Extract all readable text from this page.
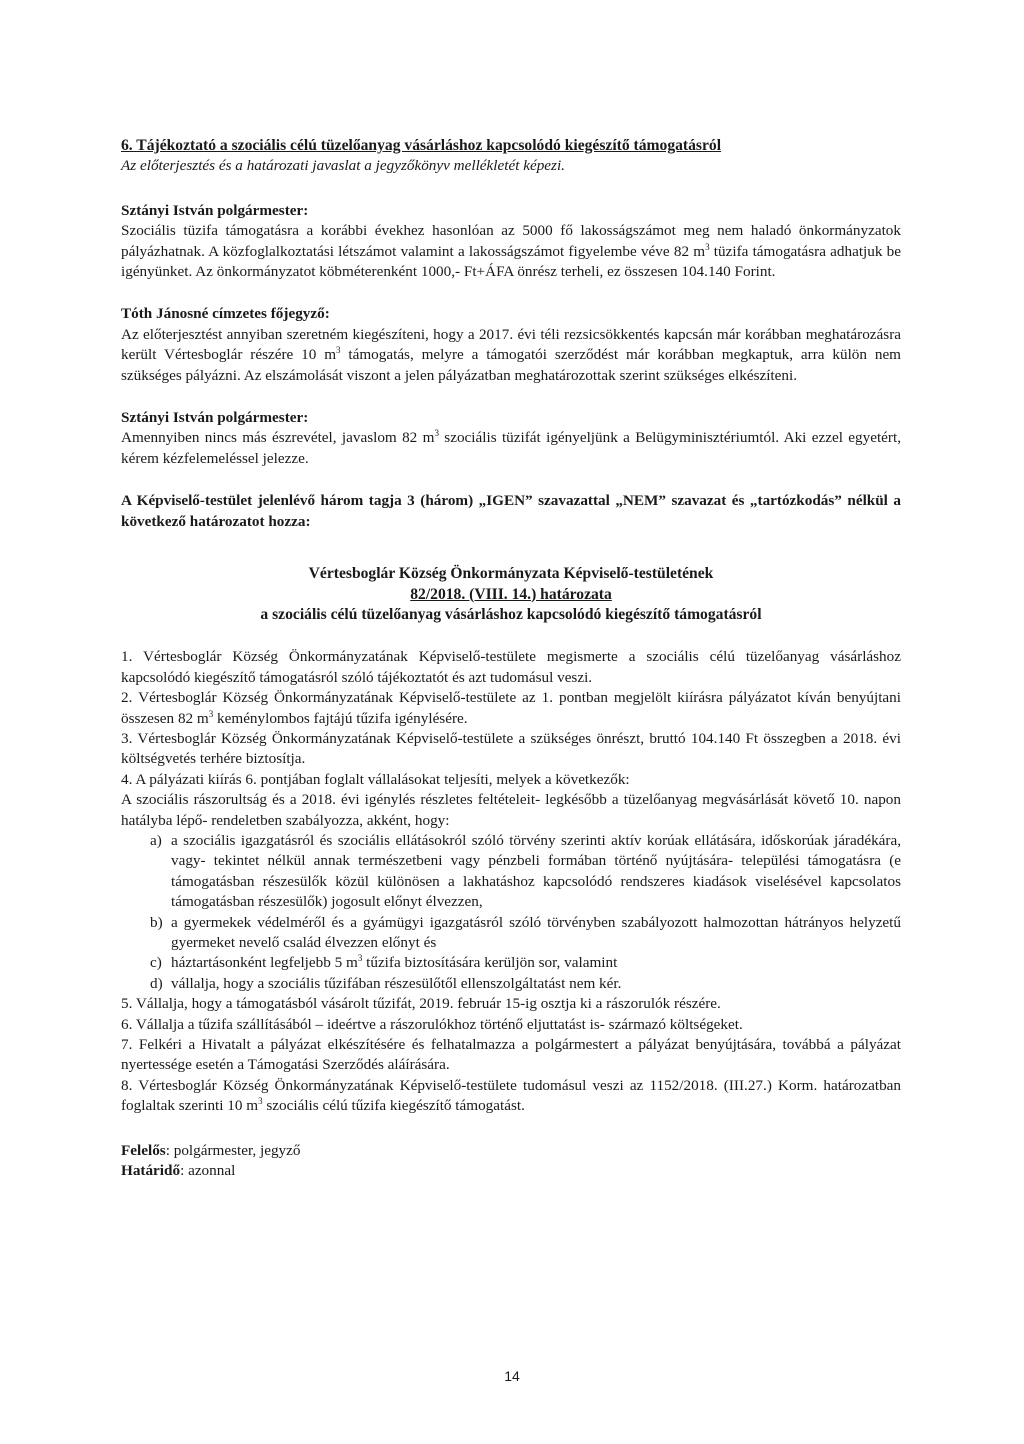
6. Tájékoztató a szociális célú tüzelőanyag vásárláshoz kapcsolódó kiegészítő támogatásról

Az előterjesztés és a határozati javaslat a jegyzőkönyv mellékletét képezi.

Sztányi István polgármester:

Szociális tüzifa támogatásra a korábbi évekhez hasonlóan az 5000 fő lakosságszámot meg nem haladó önkormányzatok pályázhatnak. A közfoglalkoztatási létszámot valamint a lakosságszámot figyelembe véve 82 $m^3$ tüzifa támogatásra adhatjuk be igényünket. Az önkormányzatot köbméterenként 1000,- Ft+ÁFA önrész terheli, ez összesen 104.140 Forint.

Tóth Jánosné címzetes főjegyző:

Az előterjesztést annyiban szeretném kiegészíteni, hogy a 2017. évi téli rezsicsökkentés kapcsán már korábban meghatározásra került Vértesboglár részére 10 $m^3$ támogatás, melyre a támogatói szerződést már korábban megkaptuk, arra külön nem szükséges pályázni. Az elszámolását viszont a jelen pályázatban meghatározottak szerint szükséges elkészíteni.

Sztányi István polgármester:

Amennyiben nincs más észrevétel, javaslom 82 $m^3$ szociális tüzifát igényeljünk a Belügyminisztériumtól. Aki ezzel egyetért, kérem kézfelemeléssel jelezze.

A Képviselő-testület jelenlévő három tagja 3 (három) „IGEN” szavazattal „NEM” szavazat és „tartózkodás” nélkül a következő határozatot hozza:

Vértesboglár Község Önkormányzata Képviselő-testületének

82/2018. (VIII. 14.) határozata

a szociális célú tüzelőanyag vásárláshoz kapcsolódó kiegészítő támogatásról

1. Vértesboglár Község Önkormányzatának Képviselő-testülete megismerte a szociális célú tüzelőanyag vásárláshoz kapcsolódó kiegészítő támogatásról szóló tájékoztatót és azt tudomásul veszi.

2. Vértesboglár Község Önkormányzatának Képviselő-testülete az 1. pontban megjelölt kiírásra pályázatot kíván benyújtani összesen 82 $m^3$ keménylombos fajtájú tűzifa igénylésére.

3. Vértesboglár Község Önkormányzatának Képviselő-testülete a szükséges önrészt, bruttó 104.140 Ft összegben a 2018. évi költségvetés terhére biztosítja.

4. A pályázati kiírás 6. pontjában foglalt vállalásokat teljesíti, melyek a következők:

A szociális rászorultság és a 2018. évi igénylés részletes feltételeit- legkésőbb a tüzelőanyag megvásárlását követő 10. napon hatályba lépő- rendeletben szabályozza, akként, hogy:

a) a szociális igazgatásról és szociális ellátásokról szóló törvény szerinti aktív korúak ellátására, időskorúak járadékára, vagy- tekintet nélkül annak természetbeni vagy pénzbeli formában történő nyújtására- települési támogatásra (e támogatásban részesülők közül különösen a lakhatáshoz kapcsolódó rendszeres kiadások viselésével kapcsolatos támogatásban részesülők) jogosult előnyt élvezzen,
b) a gyermekek védelméről és a gyámügyi igazgatásról szóló törvényben szabályozott halmozottan hátrányos helyzetű gyermeket nevelő család élvezzen előnyt és
c) háztartásonként legfeljebb 5 $m^3$ tűzifa biztosítására kerüljön sor, valamint
d) vállalja, hogy a szociális tűzifában részesülőtől ellenszolgáltatást nem kér.

5. Vállalja, hogy a támogatásból vásárolt tűzifát, 2019. február 15-ig osztja ki a rászorulók részére.

6. Vállalja a tűzifa szállításából – ideértve a rászorulókhoz történő eljuttatást is- származó költségeket.

7. Felkéri a Hivatalt a pályázat elkészítésére és felhatalmazza a polgármestert a pályázat benyújtására, továbbá a pályázat nyertessége esetén a Támogatási Szerződés aláírására.

8. Vértesboglár Község Önkormányzatának Képviselő-testülete tudomásul veszi az 1152/2018. (III.27.) Korm. határozatban foglaltak szerinti 10 $m^3$ szociális célú tűzifa kiegészítő támogatást.

Felelős: polgármester, jegyző

Határidő: azonnal

14
